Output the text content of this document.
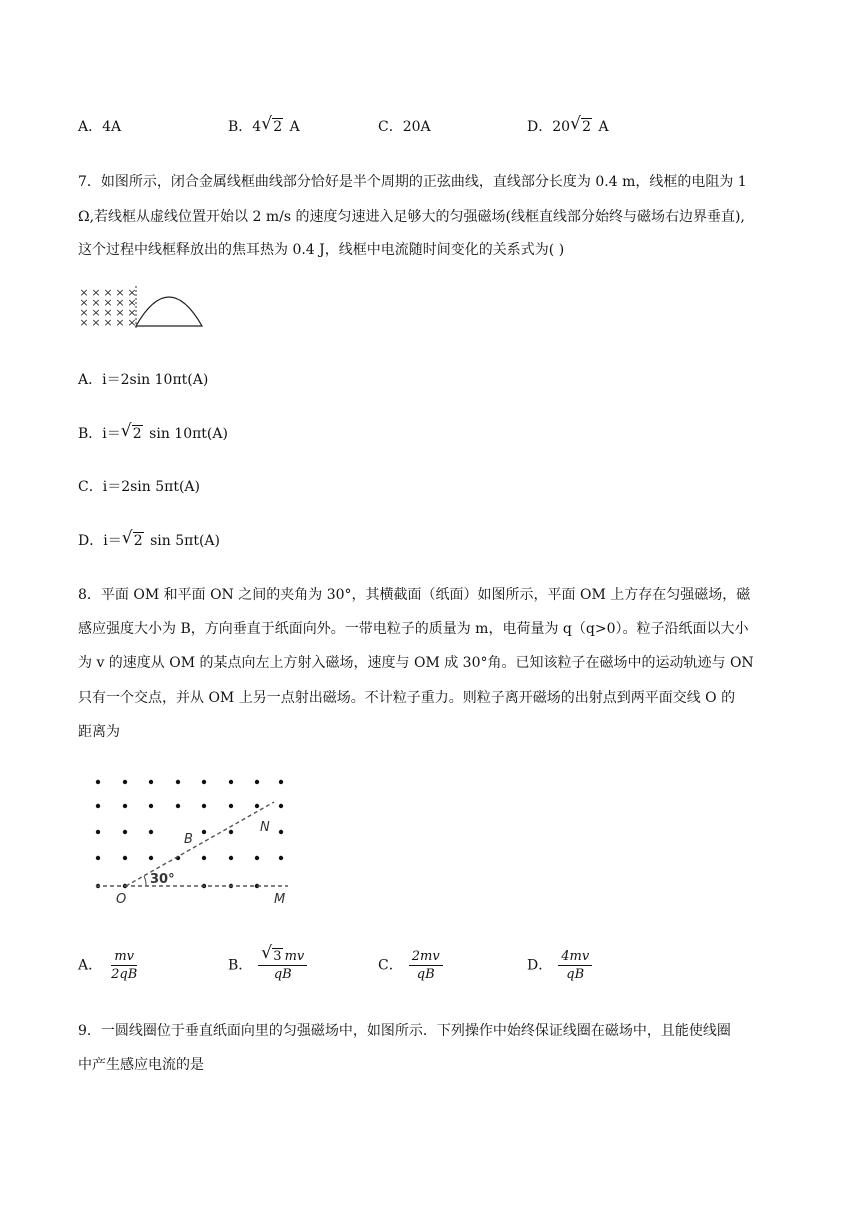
A．4A	B．4 √ 2 A	C．20A	D．20 √ 2 A
7．如图所示，闭合金属线框曲线部分恰好是半个周期的正弦曲线，直线部分长度为 0.4 m，线框的电阻为 1
Ω,若线框从虚线位置开始以 2 m/s 的速度匀速进入足够大的匀强磁场(线框直线部分始终与磁场右边界垂直),
这个过程中线框释放出的焦耳热为 0.4 J，线框中电流随时间变化的关系式为( )
× × × × ×
× × × × ×
× × × × ×
× × × × ×
A．i＝2sin 10πt(A)
B．i＝ √ 2 sin 10πt(A)
C．i＝2sin 5πt(A)
D．i＝ √ 2 sin 5πt(A)
8．平面 OM 和平面 ON 之间的夹角为 30°，其横截面（纸面）如图所示，平面 OM 上方存在匀强磁场，磁
感应强度大小为 B，方向垂直于纸面向外。一带电粒子的质量为 m，电荷量为 q（q>0）。粒子沿纸面以大小
为 v 的速度从 OM 的某点向左上方射入磁场，速度与 OM 成 30°角。已知该粒子在磁场中的运动轨迹与 ON
只有一个交点，并从 OM 上另一点射出磁场。不计粒子重力。则粒子离开磁场的出射点到两平面交线 O 的
距离为
30°
B
N
O	M
A． $\frac{mv}{2qB}$	B． $\frac{√ 3 mv}{qB}$	C． $\frac{2mv}{qB}$	D． $\frac{4mv}{qB}$
9．一圆线圈位于垂直纸面向里的匀强磁场中，如图所示．下列操作中始终保证线圈在磁场中，且能使线圈
中产生感应电流的是
